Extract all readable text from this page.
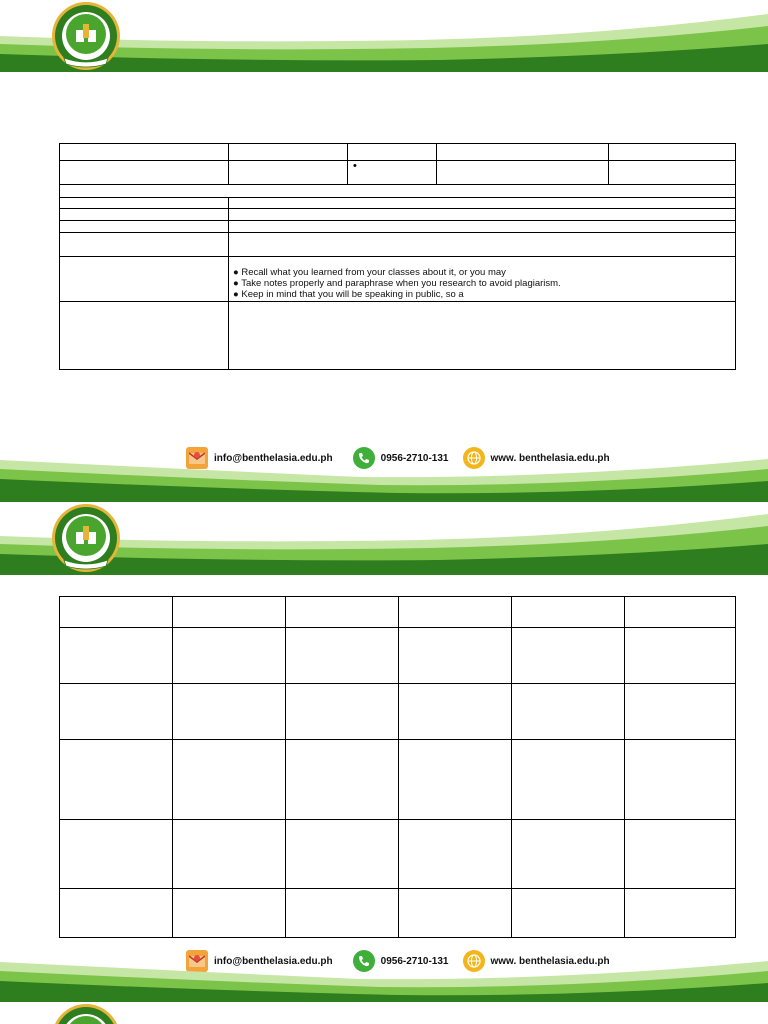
		•		

	● Recall what you learned from your classes about it, or you may
● Take notes properly and paraphrase when you research to avoid plagiarism.
● Keep in mind that you will be speaking in public, so a			

info@benthelasia.edu.ph	0956-2710-131	www. benthelasia.edu.ph

info@benthelasia.edu.ph	0956-2710-131	www. benthelasia.edu.ph
